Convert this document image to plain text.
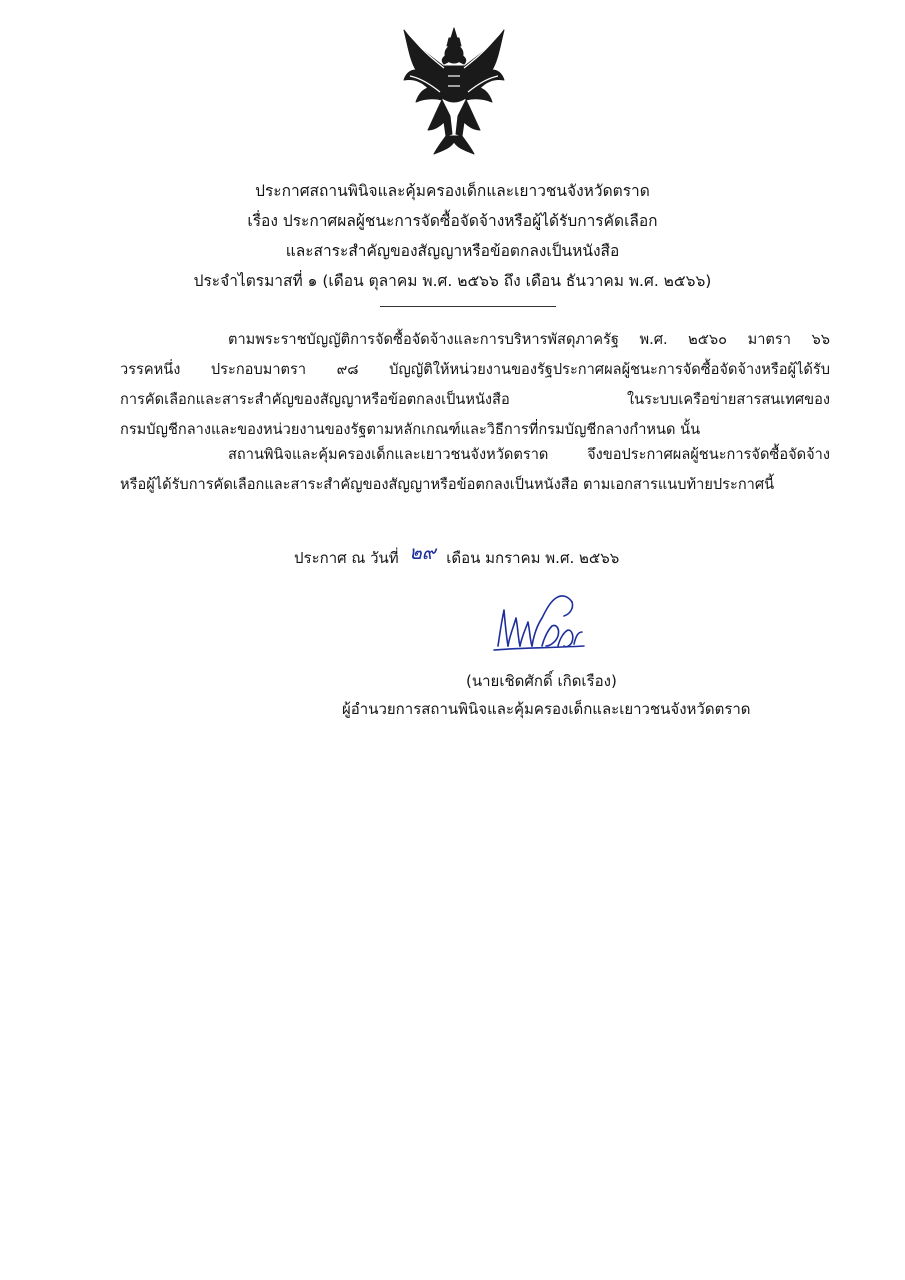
ประกาศสถานพินิจและคุ้มครองเด็กและเยาวชนจังหวัดตราด
เรื่อง ประกาศผลผู้ชนะการจัดซื้อจัดจ้างหรือผู้ได้รับการคัดเลือก
และสาระสำคัญของสัญญาหรือข้อตกลงเป็นหนังสือ
ประจำไตรมาสที่ ๑ (เดือน ตุลาคม พ.ศ. ๒๕๖๖ ถึง เดือน ธันวาคม พ.ศ. ๒๕๖๖)
ตามพระราชบัญญัติการจัดซื้อจัดจ้างและการบริหารพัสดุภาครัฐ พ.ศ. ๒๕๖๐ มาตรา ๖๖
วรรคหนึ่ง ประกอบมาตรา ๙๘ บัญญัติให้หน่วยงานของรัฐประกาศผลผู้ชนะการจัดซื้อจัดจ้างหรือผู้ได้รับ
การคัดเลือกและสาระสำคัญของสัญญาหรือข้อตกลงเป็นหนังสือ ในระบบเครือข่ายสารสนเทศของ
กรมบัญชีกลางและของหน่วยงานของรัฐตามหลักเกณฑ์และวิธีการที่กรมบัญชีกลางกำหนด นั้น
สถานพินิจและคุ้มครองเด็กและเยาวชนจังหวัดตราด จึงขอประกาศผลผู้ชนะการจัดซื้อจัดจ้าง
หรือผู้ได้รับการคัดเลือกและสาระสำคัญของสัญญาหรือข้อตกลงเป็นหนังสือ ตามเอกสารแนบท้ายประกาศนี้
ประกาศ ณ วันที่ ๒๙ เดือน มกราคม พ.ศ. ๒๕๖๖
(นายเชิดศักดิ์ เกิดเรือง)
ผู้อำนวยการสถานพินิจและคุ้มครองเด็กและเยาวชนจังหวัดตราด
